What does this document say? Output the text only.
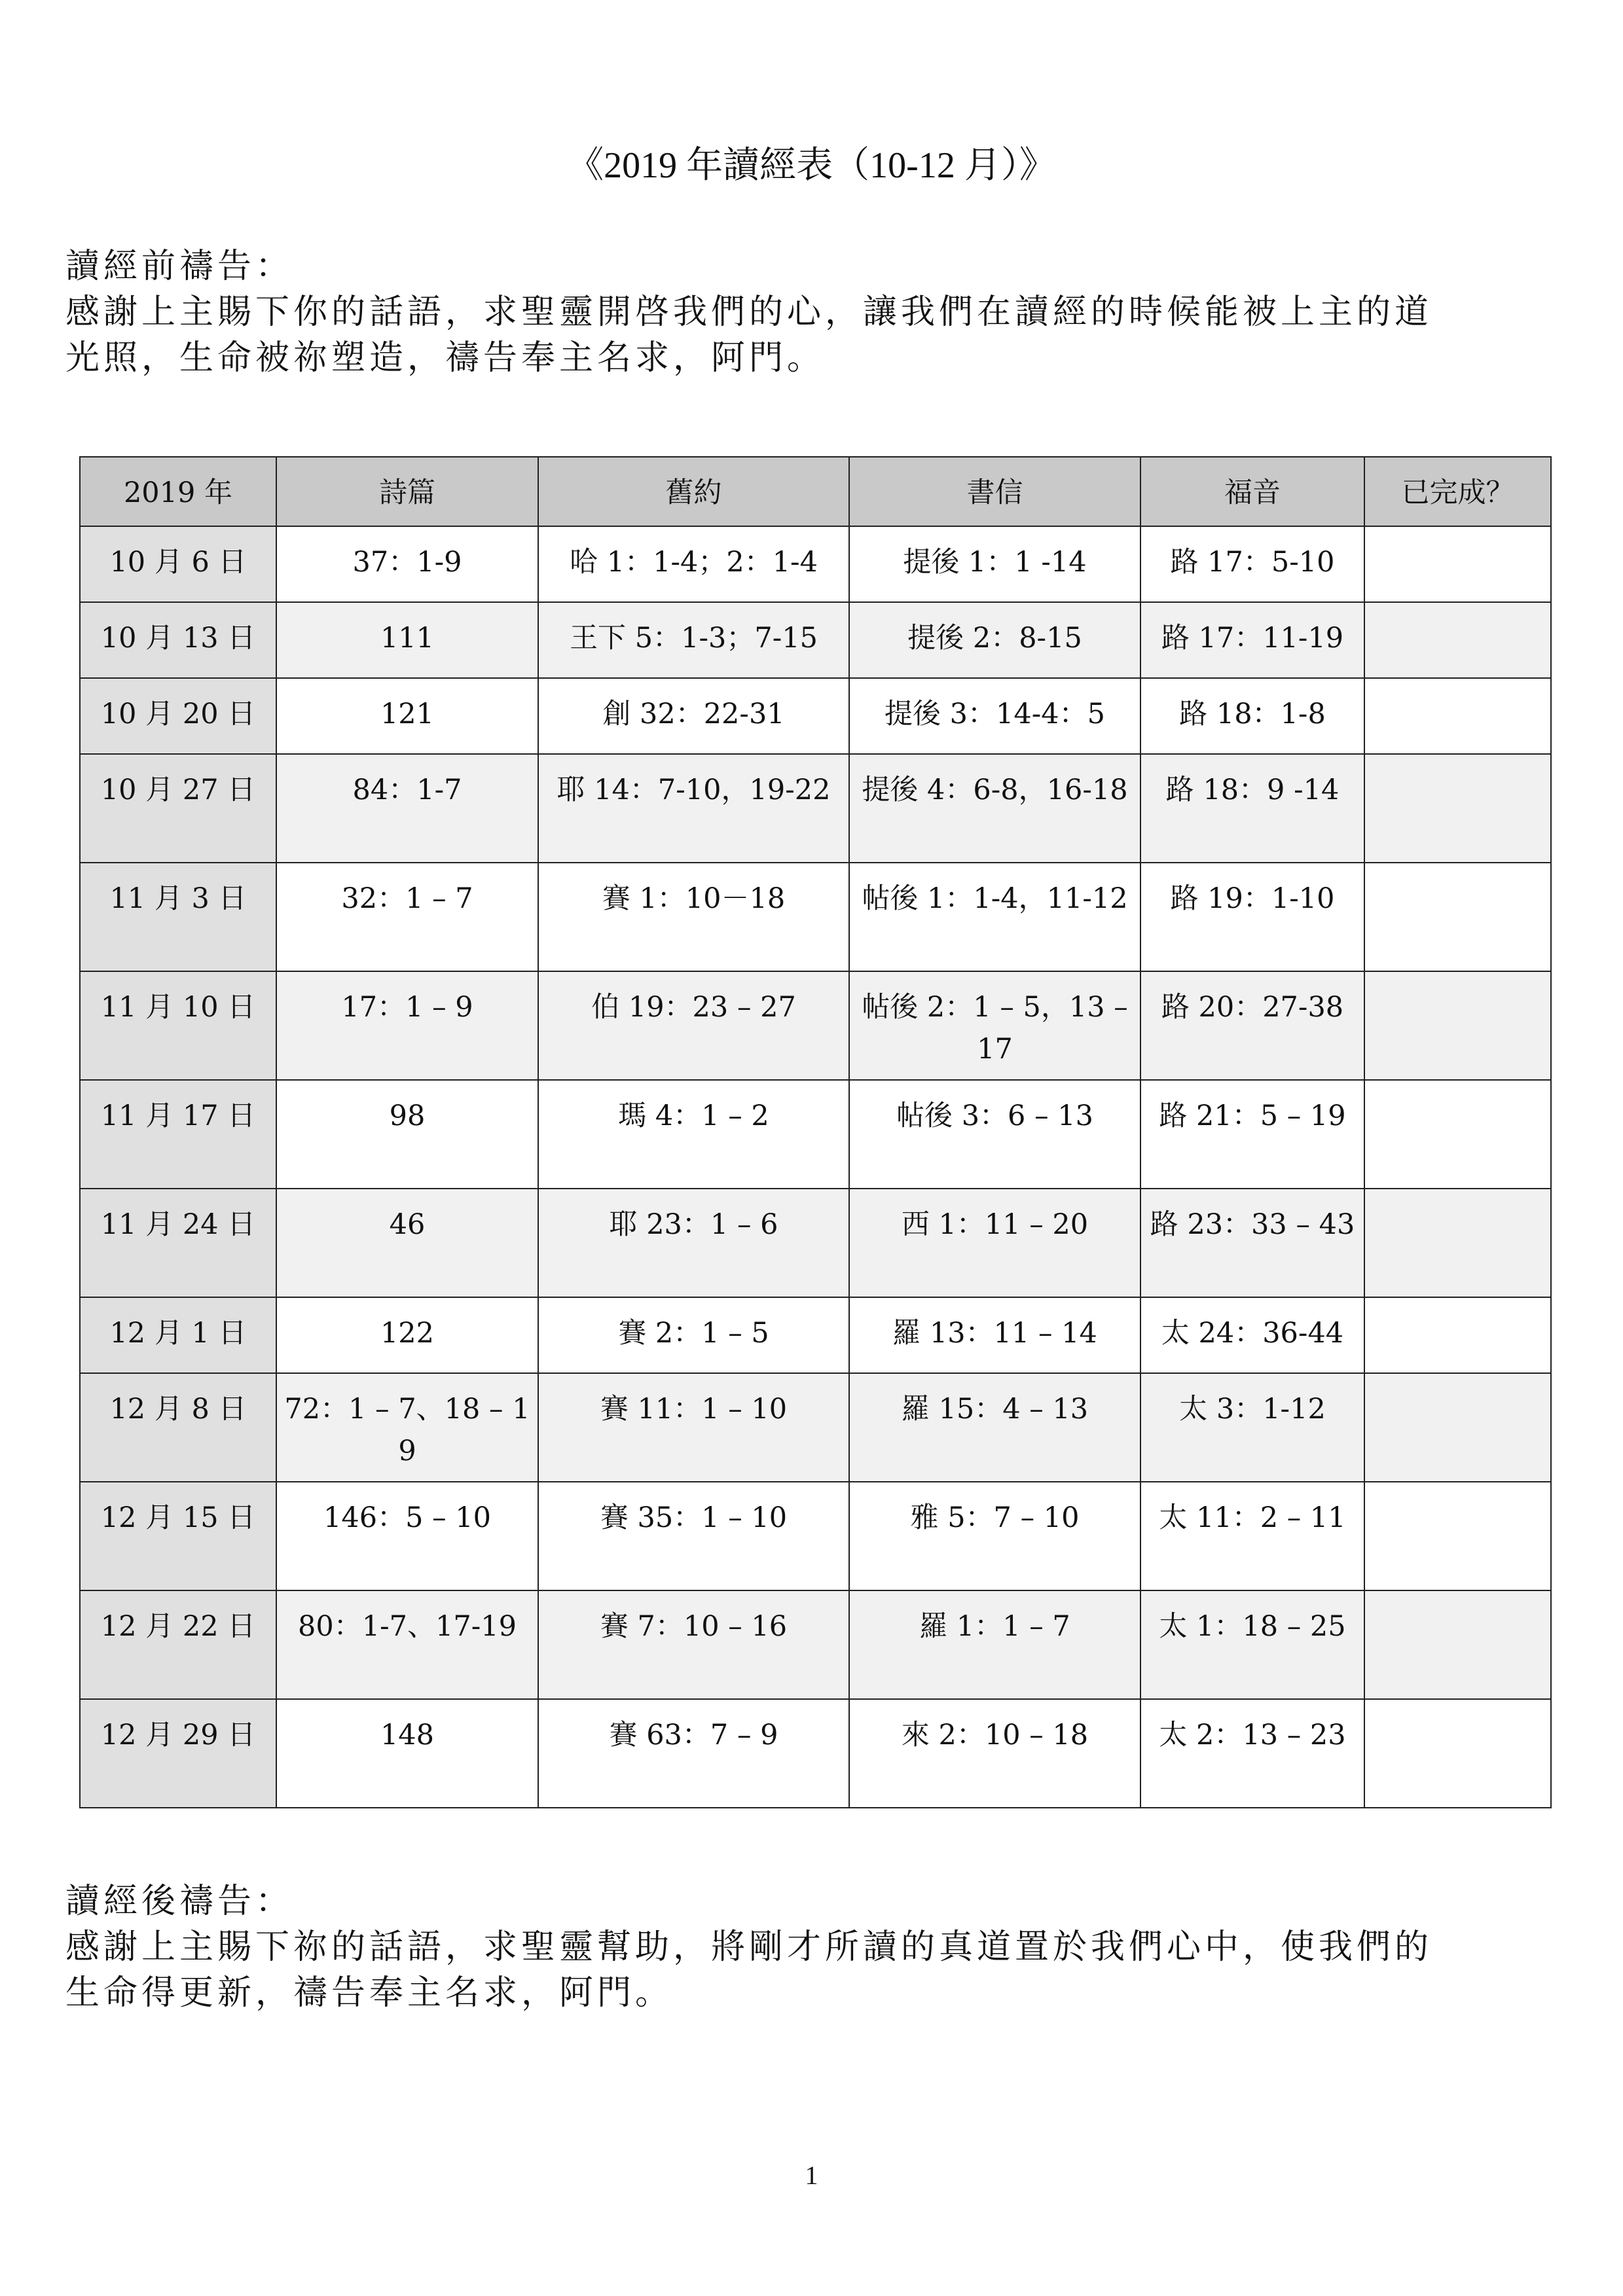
《2019 年讀經表（10-12 月）》

讀經前禱告：

感謝上主賜下你的話語，求聖靈開啓我們的心，讓我們在讀經的時候能被上主的道

光照，生命被祢塑造，禱告奉主名求，阿門。

2019 年	詩篇	舊約	書信	福音	已完成？
10 月 6 日	37：1-9	哈 1：1-4；2：1-4	提後 1：1 -14	路 17：5-10	
10 月 13 日	111	王下 5：1-3；7-15	提後 2：8-15	路 17：11-19	
10 月 20 日	121	創 32：22-31	提後 3：14-4：5	路 18：1-8	
10 月 27 日	84：1-7	耶 14：7-10，19-22	提後 4：6-8，16-18	路 18：9 -14	
11 月 3 日	32：1 – 7	賽 1：10－18	帖後 1：1-4，11-12	路 19：1-10	
11 月 10 日	17：1 – 9	伯 19：23 – 27	帖後 2：1 – 5，13 – 17	路 20：27-38	
11 月 17 日	98	瑪 4：1 – 2	帖後 3：6 – 13	路 21：5 – 19	
11 月 24 日	46	耶 23：1 – 6	西 1：11 – 20	路 23：33 – 43	
12 月 1 日	122	賽 2：1 – 5	羅 13：11 – 14	太 24：36-44	
12 月 8 日	72：1 – 7、18 – 19	賽 11：1 – 10	羅 15：4 – 13	太 3：1-12	
12 月 15 日	146：5 – 10	賽 35：1 – 10	雅 5：7 – 10	太 11：2 – 11	
12 月 22 日	80：1-7、17-19	賽 7：10 – 16	羅 1：1 – 7	太 1：18 – 25	
12 月 29 日	148	賽 63：7 – 9	來 2：10 – 18	太 2：13 – 23	

讀經後禱告：

感謝上主賜下祢的話語，求聖靈幫助，將剛才所讀的真道置於我們心中，使我們的

生命得更新，禱告奉主名求，阿門。

1
